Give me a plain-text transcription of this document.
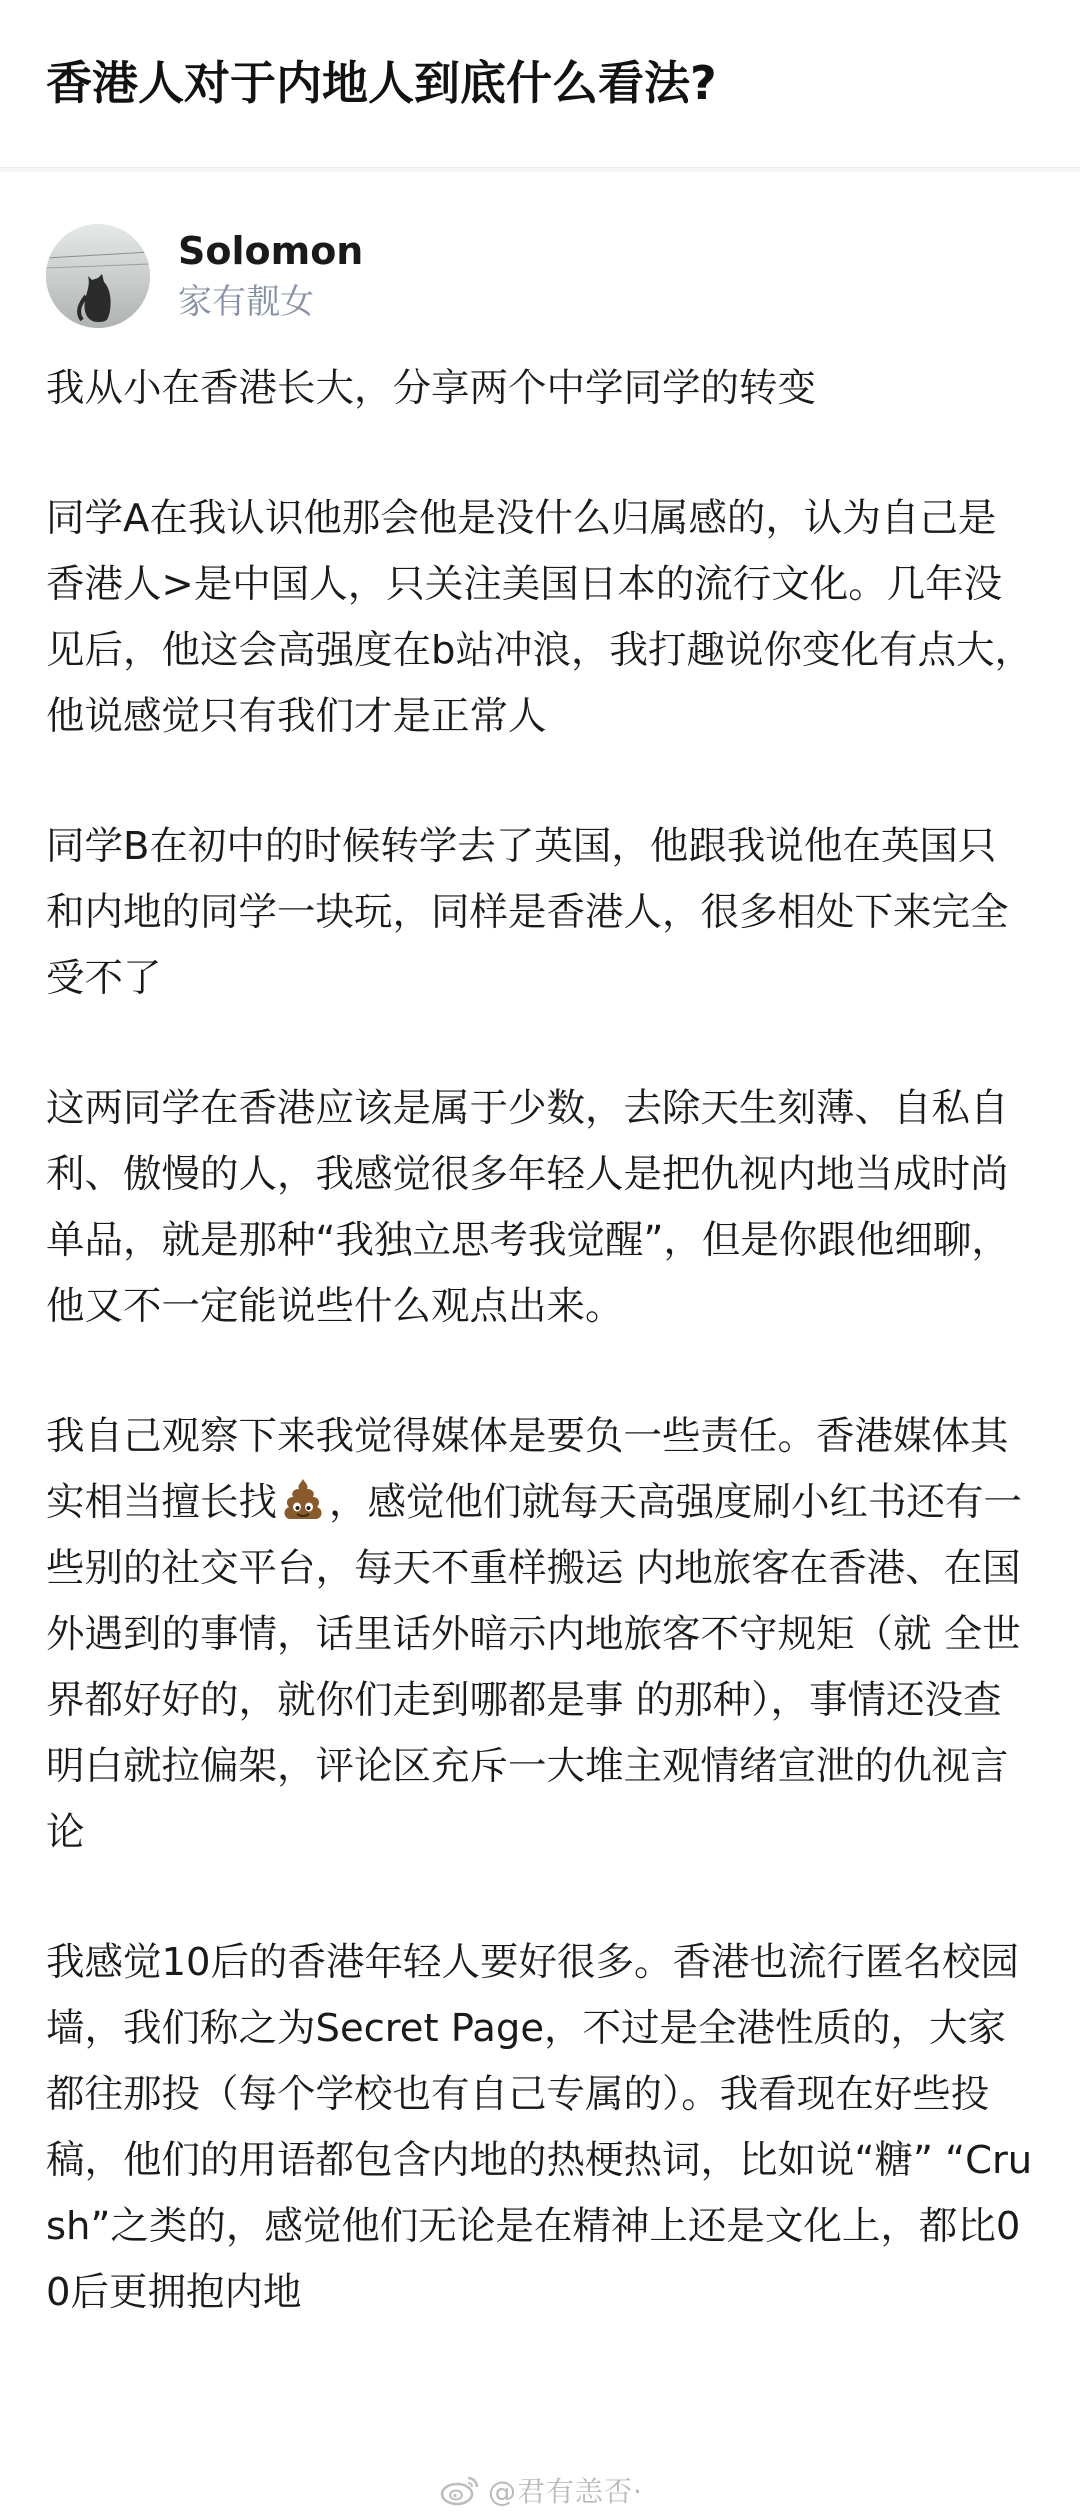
香港人对于内地人到底什么看法?
Solomon
家有靓女

我从小在香港长大，分享两个中学同学的转变

同学A在我认识他那会他是没什么归属感的，认为自己是香港人>是中国人，只关注美国日本的流行文化。几年没见后，他这会高强度在b站冲浪，我打趣说你变化有点大，他说感觉只有我们才是正常人

同学B在初中的时候转学去了英国，他跟我说他在英国只和内地的同学一块玩，同样是香港人，很多相处下来完全受不了

这两同学在香港应该是属于少数，去除天生刻薄、自私自利、傲慢的人，我感觉很多年轻人是把仇视内地当成时尚单品，就是那种“我独立思考我觉醒”，但是你跟他细聊，他又不一定能说些什么观点出来。

我自己观察下来我觉得媒体是要负一些责任。香港媒体其实相当擅长找 ，感觉他们就每天高强度刷小红书还有一些别的社交平台，每天不重样搬运 内地旅客在香港、在国外遇到的事情，话里话外暗示内地旅客不守规矩（就 全世界都好好的，就你们走到哪都是事 的那种），事情还没查明白就拉偏架，评论区充斥一大堆主观情绪宣泄的仇视言论

我感觉10后的香港年轻人要好很多。香港也流行匿名校园墙，我们称之为Secret Page，不过是全港性质的，大家都往那投（每个学校也有自己专属的）。我看现在好些投稿，他们的用语都包含内地的热梗热词，比如说“糖” “Crush”之类的，感觉他们无论是在精神上还是文化上，都比00后更拥抱内地

@君有恙否·
